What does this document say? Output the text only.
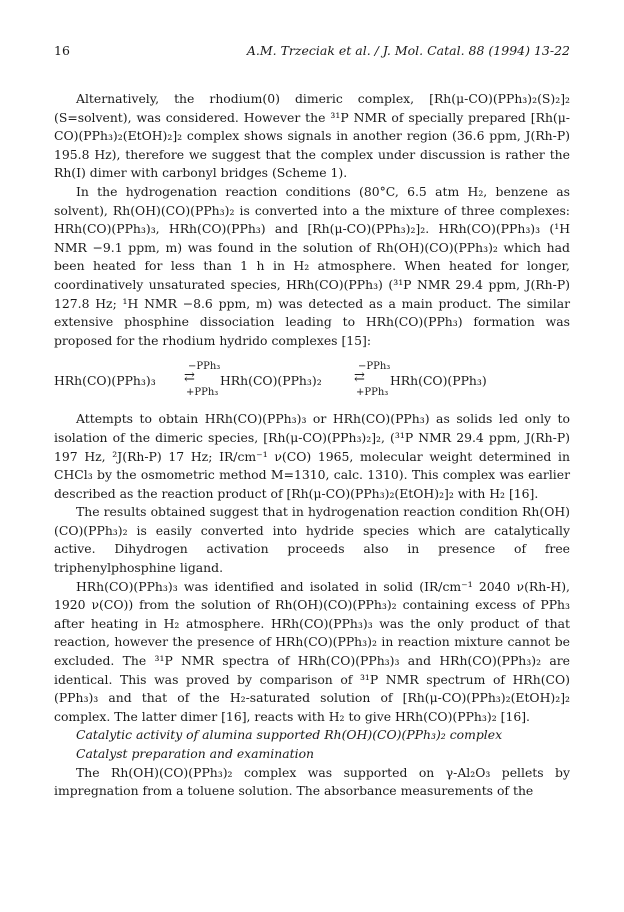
16	A.M. Trzeciak et al. / J. Mol. Catal. 88 (1994) 13-22

Alternatively, the rhodium(0) dimeric complex, [Rh(μ-CO)(PPh₃)₂(S)₂]₂ (S=solvent), was considered. However the ³¹P NMR of specially prepared [Rh(μ-CO)(PPh₃)₂(EtOH)₂]₂ complex shows signals in another region (36.6 ppm, J(Rh-P) 195.8 Hz), therefore we suggest that the complex under discussion is rather the Rh(I) dimer with carbonyl bridges (Scheme 1).

In the hydrogenation reaction conditions (80°C, 6.5 atm H₂, benzene as solvent), Rh(OH)(CO)(PPh₃)₂ is converted into a the mixture of three complexes: HRh(CO)(PPh₃)₃, HRh(CO)(PPh₃) and [Rh(μ-CO)(PPh₃)₂]₂. HRh(CO)(PPh₃)₃ (¹H NMR −9.1 ppm, m) was found in the solution of Rh(OH)(CO)(PPh₃)₂ which had been heated for less than 1 h in H₂ atmosphere. When heated for longer, coordinatively unsaturated species, HRh(CO)(PPh₃) (³¹P NMR 29.4 ppm, J(Rh-P) 127.8 Hz; ¹H NMR −8.6 ppm, m) was detected as a main product. The similar extensive phosphine dissociation leading to HRh(CO)(PPh₃) formation was proposed for the rhodium hydrido complexes [15]:

HRh(CO)(PPh₃)₃
−PPh₃
⇄
+PPh₃
HRh(CO)(PPh₃)₂
−PPh₃
⇄
+PPh₃
HRh(CO)(PPh₃)

Attempts to obtain HRh(CO)(PPh₃)₃ or HRh(CO)(PPh₃) as solids led only to isolation of the dimeric species, [Rh(μ-CO)(PPh₃)₂]₂, (³¹P NMR 29.4 ppm, J(Rh-P) 197 Hz, ²J(Rh-P) 17 Hz; IR/cm⁻¹ ν(CO) 1965, molecular weight determined in CHCl₃ by the osmometric method M=1310, calc. 1310). This complex was earlier described as the reaction product of [Rh(μ-CO)(PPh₃)₂(EtOH)₂]₂ with H₂ [16].

The results obtained suggest that in hydrogenation reaction condition Rh(OH)(CO)(PPh₃)₂ is easily converted into hydride species which are catalytically active. Dihydrogen activation proceeds also in presence of free triphenylphosphine ligand.

HRh(CO)(PPh₃)₃ was identified and isolated in solid (IR/cm⁻¹ 2040 ν(Rh-H), 1920 ν(CO)) from the solution of Rh(OH)(CO)(PPh₃)₂ containing excess of PPh₃ after heating in H₂ atmosphere. HRh(CO)(PPh₃)₃ was the only product of that reaction, however the presence of HRh(CO)(PPh₃)₂ in reaction mixture cannot be excluded. The ³¹P NMR spectra of HRh(CO)(PPh₃)₃ and HRh(CO)(PPh₃)₂ are identical. This was proved by comparison of ³¹P NMR spectrum of HRh(CO)(PPh₃)₃ and that of the H₂-saturated solution of [Rh(μ-CO)(PPh₃)₂(EtOH)₂]₂ complex. The latter dimer [16], reacts with H₂ to give HRh(CO)(PPh₃)₂ [16].

Catalytic activity of alumina supported Rh(OH)(CO)(PPh₃)₂ complex

Catalyst preparation and examination

The Rh(OH)(CO)(PPh₃)₂ complex was supported on γ-Al₂O₃ pellets by impregnation from a toluene solution. The absorbance measurements of the
